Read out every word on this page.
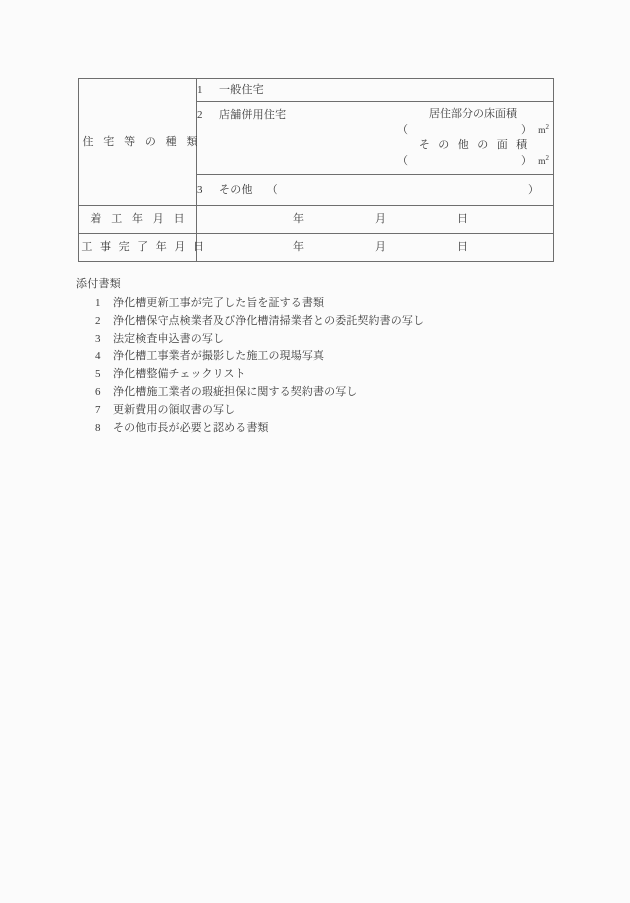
住 宅 等 の 種 類	1 一般住宅

2 店舗併用住宅	居住部分の床面積
（	） $m^2$
そ の 他 の 面 積
（	） $m^2$

	3 その他 （ ）

着 工 年 月 日	年 月 日

工 事 完 了 年 月 日	年 月 日
添付書類
1	浄化槽更新工事が完了した旨を証する書類
2	浄化槽保守点検業者及び浄化槽清掃業者との委託契約書の写し
3	法定検査申込書の写し
4	浄化槽工事業者が撮影した施工の現場写真
5	浄化槽整備チェックリスト
6	浄化槽施工業者の瑕疵担保に関する契約書の写し
7	更新費用の領収書の写し
8	その他市長が必要と認める書類
